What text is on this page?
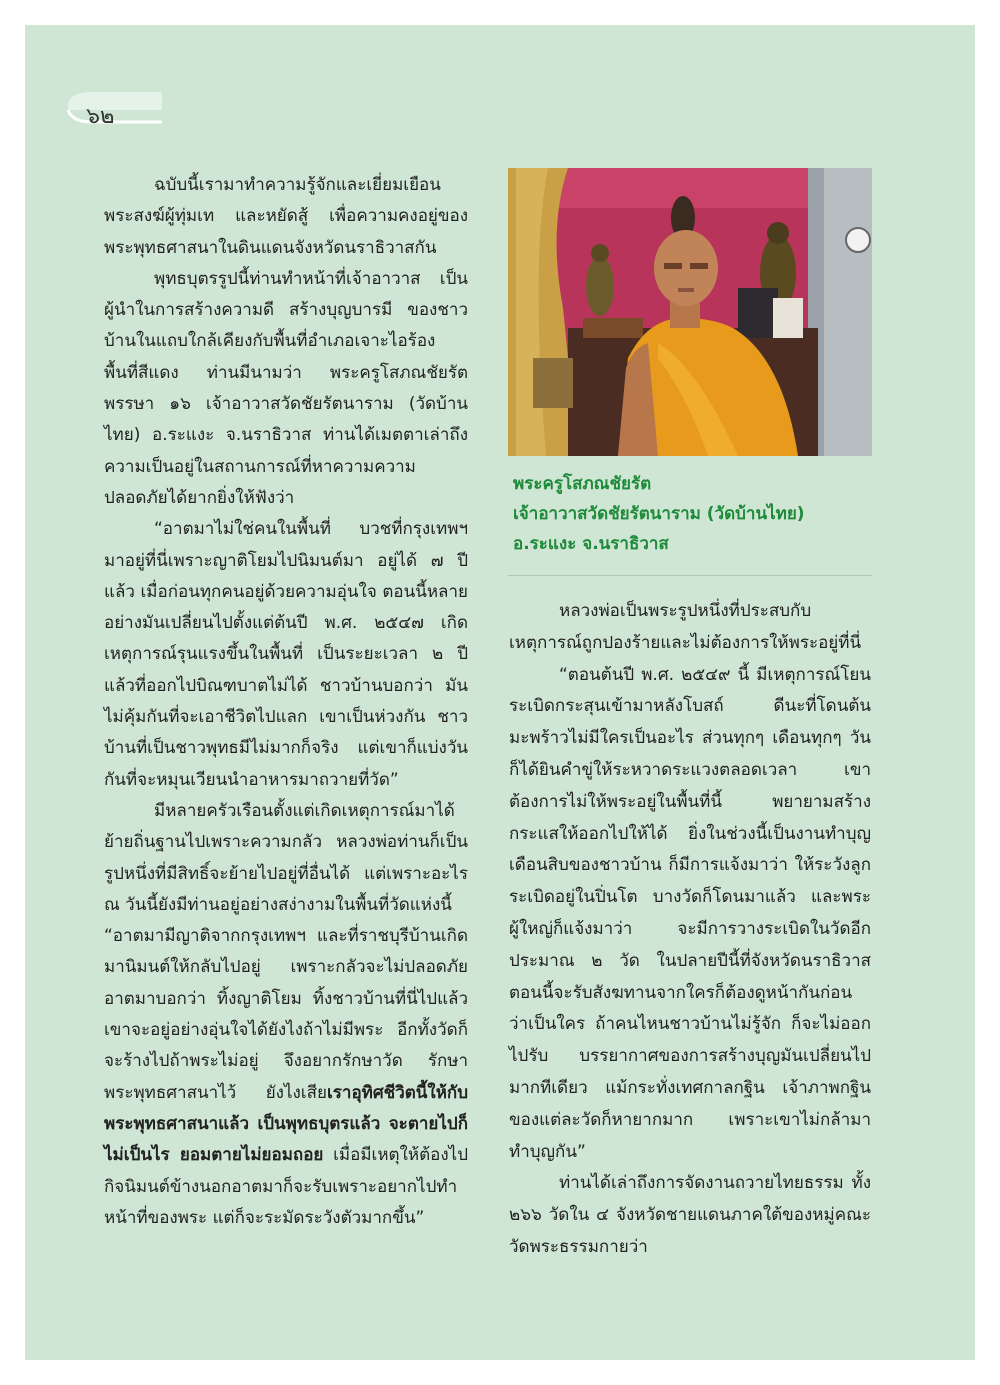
๖๒

ฉบับนี้เรามาทำความรู้จักและเยี่ยมเยือนพระสงฆ์ผู้ทุ่มเท และหยัดสู้ เพื่อความคงอยู่ของพระพุทธศาสนาในดินแดนจังหวัดนราธิวาสกัน

พุทธบุตรรูปนี้ท่านทำหน้าที่เจ้าอาวาส เป็นผู้นำในการสร้างความดี สร้างบุญบารมี ของชาวบ้านในแถบใกล้เคียงกับพื้นที่อำเภอเจาะไอร้อง พื้นที่สีแดง ท่านมีนามว่า พระครูโสภณชัยรัต พรรษา ๑๖ เจ้าอาวาสวัดชัยรัตนาราม (วัดบ้านไทย) อ.ระแงะ จ.นราธิวาส ท่านได้เมตตาเล่าถึงความเป็นอยู่ในสถานการณ์ที่หาความความปลอดภัยได้ยากยิ่งให้ฟังว่า

“อาตมาไม่ใช่คนในพื้นที่ บวชที่กรุงเทพฯ มาอยู่ที่นี่เพราะญาติโยมไปนิมนต์มา อยู่ได้ ๗ ปีแล้ว เมื่อก่อนทุกคนอยู่ด้วยความอุ่นใจ ตอนนี้หลายอย่างมันเปลี่ยนไปตั้งแต่ต้นปี พ.ศ. ๒๕๔๗ เกิดเหตุการณ์รุนแรงขึ้นในพื้นที่ เป็นระยะเวลา ๒ ปีแล้วที่ออกไปบิณฑบาตไม่ได้ ชาวบ้านบอกว่า มันไม่คุ้มกันที่จะเอาชีวิตไปแลก เขาเป็นห่วงกัน ชาวบ้านที่เป็นชาวพุทธมีไม่มากก็จริง แต่เขาก็แบ่งวันกันที่จะหมุนเวียนนำอาหารมาถวายที่วัด”

มีหลายครัวเรือนตั้งแต่เกิดเหตุการณ์มาได้ย้ายถิ่นฐานไปเพราะความกลัว หลวงพ่อท่านก็เป็นรูปหนึ่งที่มีสิทธิ์จะย้ายไปอยู่ที่อื่นได้ แต่เพราะอะไร ณ วันนี้ยังมีท่านอยู่อย่างสง่างามในพื้นที่วัดแห่งนี้

“อาตมามีญาติจากกรุงเทพฯ และที่ราชบุรีบ้านเกิดมานิมนต์ให้กลับไปอยู่ เพราะกลัวจะไม่ปลอดภัย อาตมาบอกว่า ทิ้งญาติโยม ทิ้งชาวบ้านที่นี่ไปแล้วเขาจะอยู่อย่างอุ่นใจได้ยังไงถ้าไม่มีพระ อีกทั้งวัดก็จะร้างไปถ้าพระไม่อยู่ จึงอยากรักษาวัด รักษาพระพุทธศาสนาไว้ ยังไงเสียเราอุทิศชีวิตนี้ให้กับพระพุทธศาสนาแล้ว เป็นพุทธบุตรแล้ว จะตายไปก็ไม่เป็นไร ยอมตายไม่ยอมถอย เมื่อมีเหตุให้ต้องไปกิจนิมนต์ข้างนอกอาตมาก็จะรับเพราะอยากไปทำหน้าที่ของพระ แต่ก็จะระมัดระวังตัวมากขึ้น”

พระครูโสภณชัยรัต
เจ้าอาวาสวัดชัยรัตนาราม (วัดบ้านไทย)
อ.ระแงะ จ.นราธิวาส

หลวงพ่อเป็นพระรูปหนึ่งที่ประสบกับเหตุการณ์ถูกปองร้ายและไม่ต้องการให้พระอยู่ที่นี่

“ตอนต้นปี พ.ศ. ๒๕๔๙ นี้ มีเหตุการณ์โยนระเบิดกระสุนเข้ามาหลังโบสถ์ ดีนะที่โดนต้นมะพร้าวไม่มีใครเป็นอะไร ส่วนทุกๆ เดือนทุกๆ วัน ก็ได้ยินคำขู่ให้ระหวาดระแวงตลอดเวลา เขาต้องการไม่ให้พระอยู่ในพื้นที่นี้ พยายามสร้างกระแสให้ออกไปให้ได้ ยิ่งในช่วงนี้เป็นงานทำบุญเดือนสิบของชาวบ้าน ก็มีการแจ้งมาว่า ให้ระวังลูกระเบิดอยู่ในปิ่นโต บางวัดก็โดนมาแล้ว และพระผู้ใหญ่ก็แจ้งมาว่า จะมีการวางระเบิดในวัดอีกประมาณ ๒ วัด ในปลายปีนี้ที่จังหวัดนราธิวาส ตอนนี้จะรับสังฆทานจากใครก็ต้องดูหน้ากันก่อนว่าเป็นใคร ถ้าคนไหนชาวบ้านไม่รู้จัก ก็จะไม่ออกไปรับ บรรยากาศของการสร้างบุญมันเปลี่ยนไปมากทีเดียว แม้กระทั่งเทศกาลกฐิน เจ้าภาพกฐินของแต่ละวัดก็หายากมาก เพราะเขาไม่กล้ามาทำบุญกัน”

ท่านได้เล่าถึงการจัดงานถวายไทยธรรม ทั้ง ๒๖๖ วัดใน ๔ จังหวัดชายแดนภาคใต้ของหมู่คณะวัดพระธรรมกายว่า
